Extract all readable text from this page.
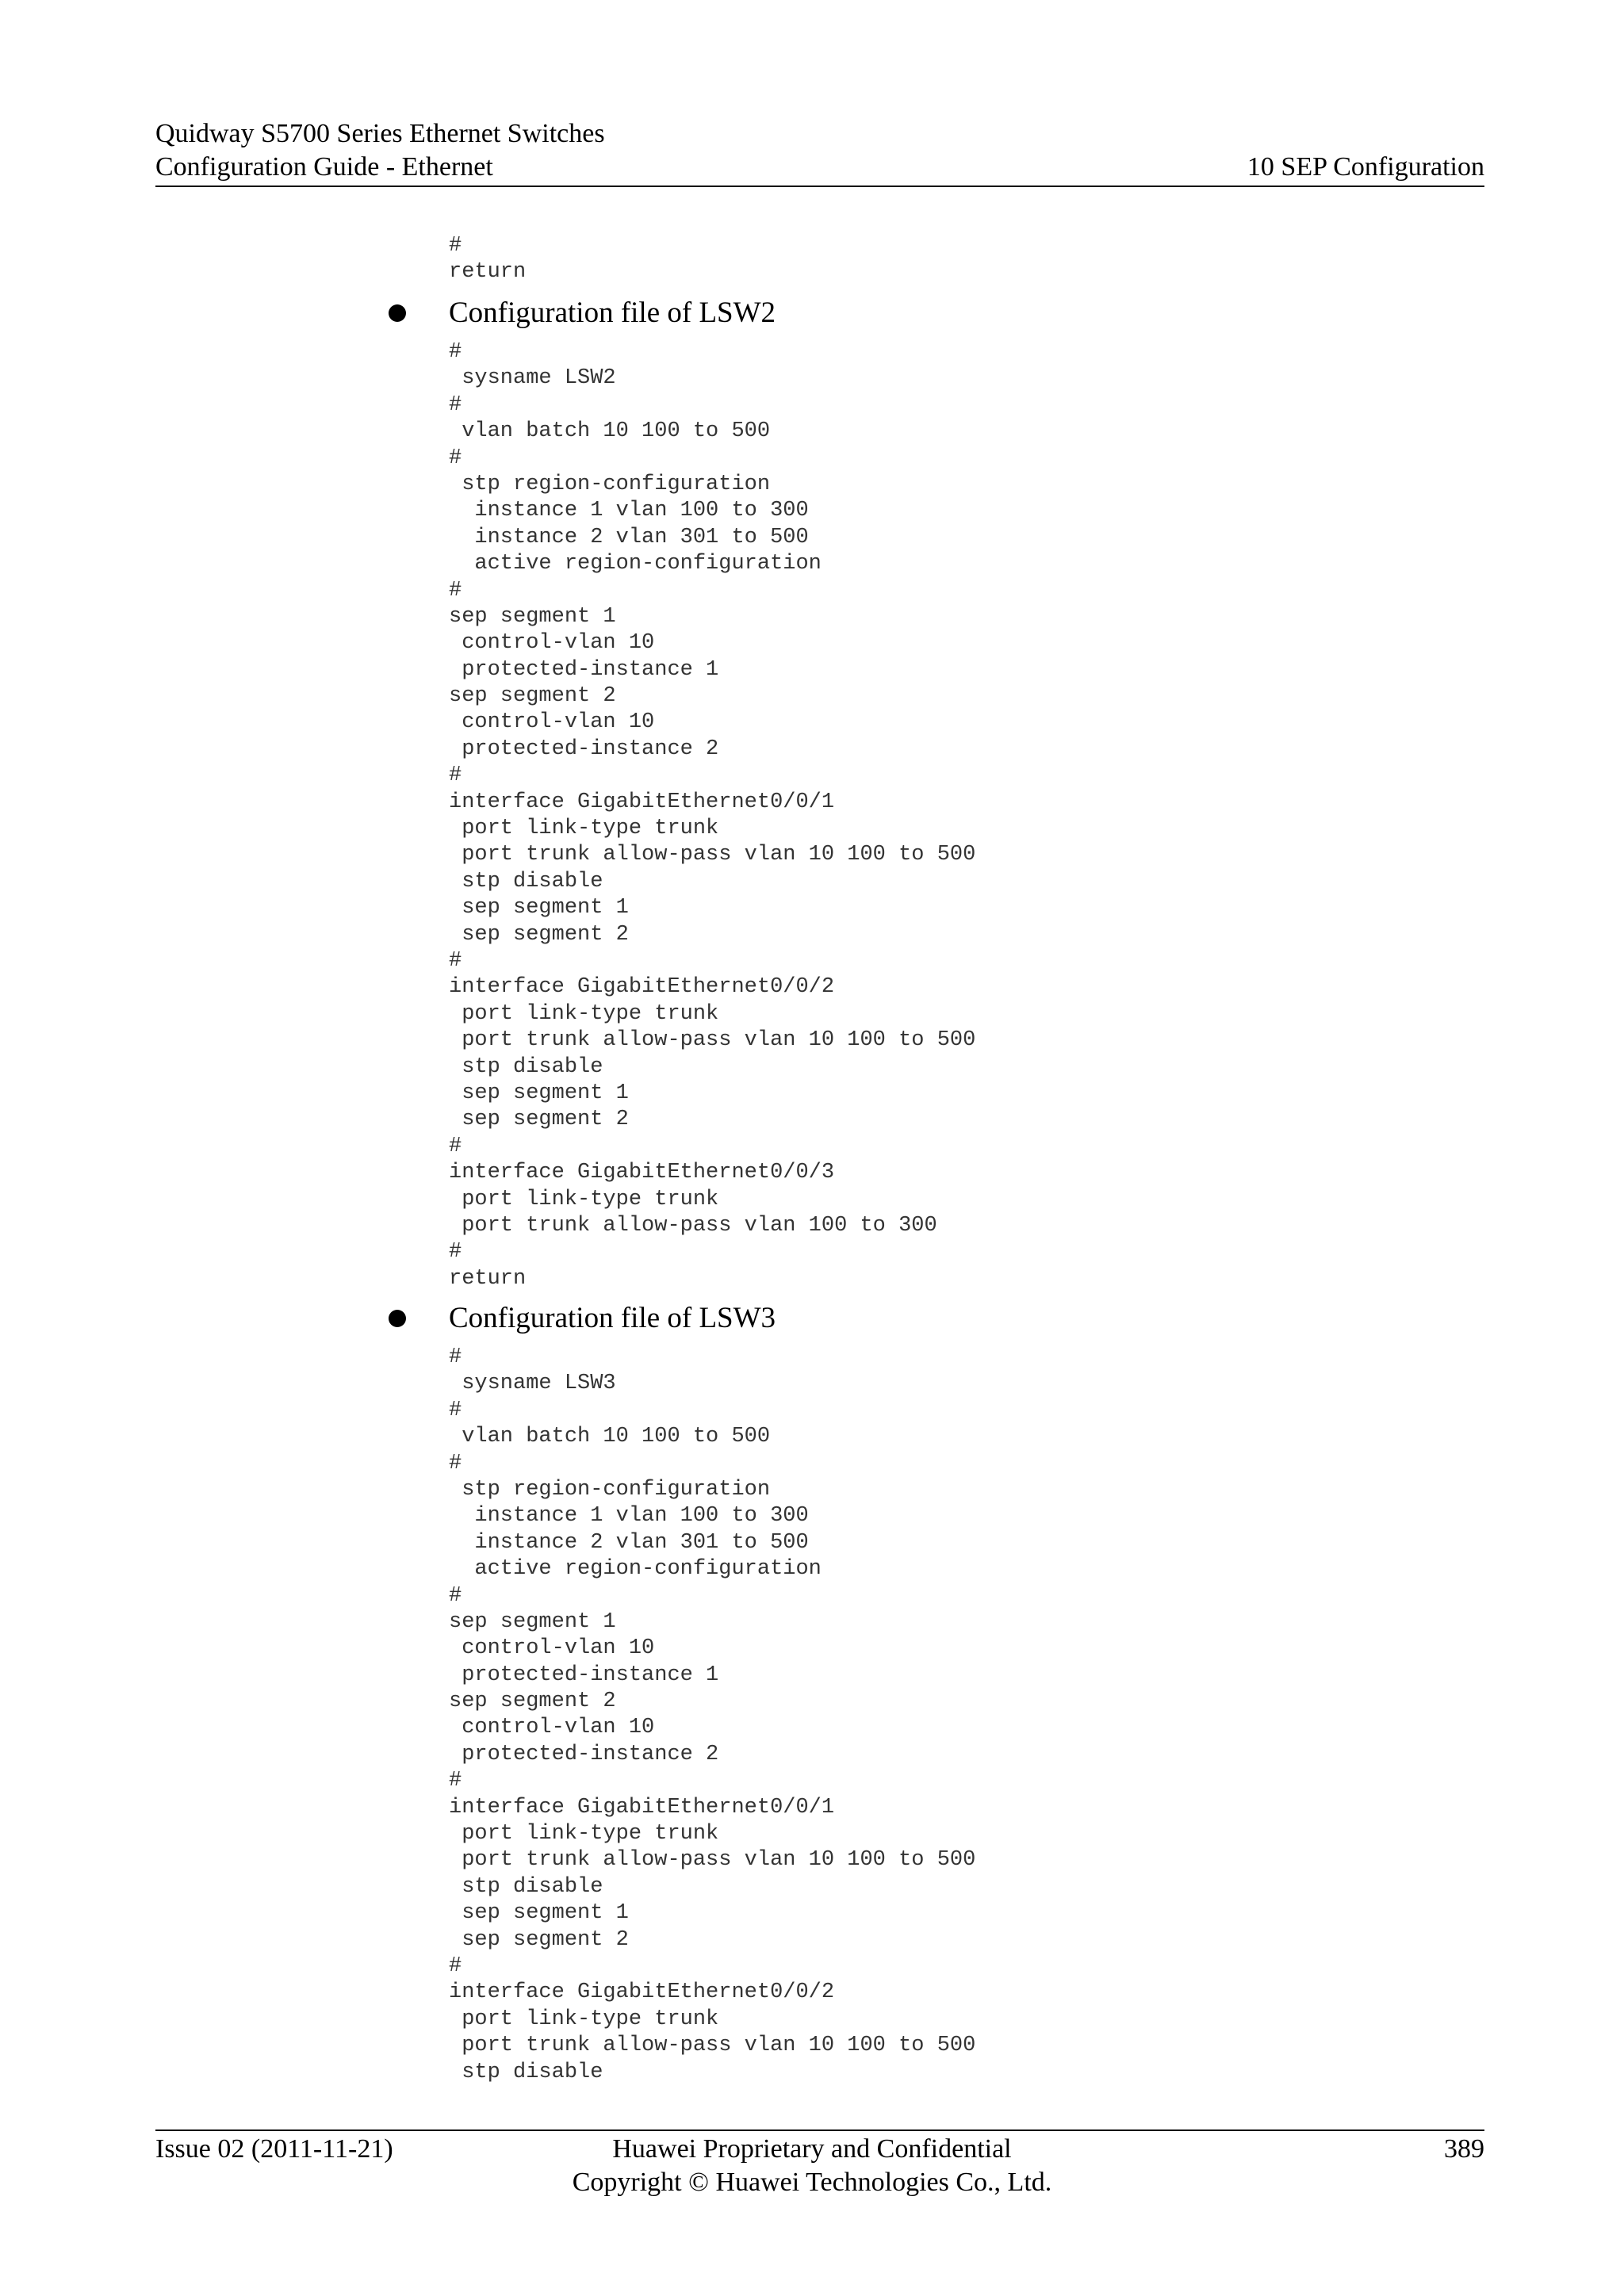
Quidway S5700 Series Ethernet Switches
Configuration Guide - Ethernet	10 SEP Configuration
#
return
Configuration file of LSW2
#
sysname LSW2
#
vlan batch 10 100 to 500
#
stp region-configuration
instance 1 vlan 100 to 300
instance 2 vlan 301 to 500
active region-configuration
#
sep segment 1
control-vlan 10
protected-instance 1
sep segment 2
control-vlan 10
protected-instance 2
#
interface GigabitEthernet0/0/1
port link-type trunk
port trunk allow-pass vlan 10 100 to 500
stp disable
sep segment 1
sep segment 2
#
interface GigabitEthernet0/0/2
port link-type trunk
port trunk allow-pass vlan 10 100 to 500
stp disable
sep segment 1
sep segment 2
#
interface GigabitEthernet0/0/3
port link-type trunk
port trunk allow-pass vlan 100 to 300
#
return
Configuration file of LSW3
#
sysname LSW3
#
vlan batch 10 100 to 500
#
stp region-configuration
instance 1 vlan 100 to 300
instance 2 vlan 301 to 500
active region-configuration
#
sep segment 1
control-vlan 10
protected-instance 1
sep segment 2
control-vlan 10
protected-instance 2
#
interface GigabitEthernet0/0/1
port link-type trunk
port trunk allow-pass vlan 10 100 to 500
stp disable
sep segment 1
sep segment 2
#
interface GigabitEthernet0/0/2
port link-type trunk
port trunk allow-pass vlan 10 100 to 500
stp disable
Issue 02 (2011-11-21)	Huawei Proprietary and Confidential
Copyright © Huawei Technologies Co., Ltd.
389
